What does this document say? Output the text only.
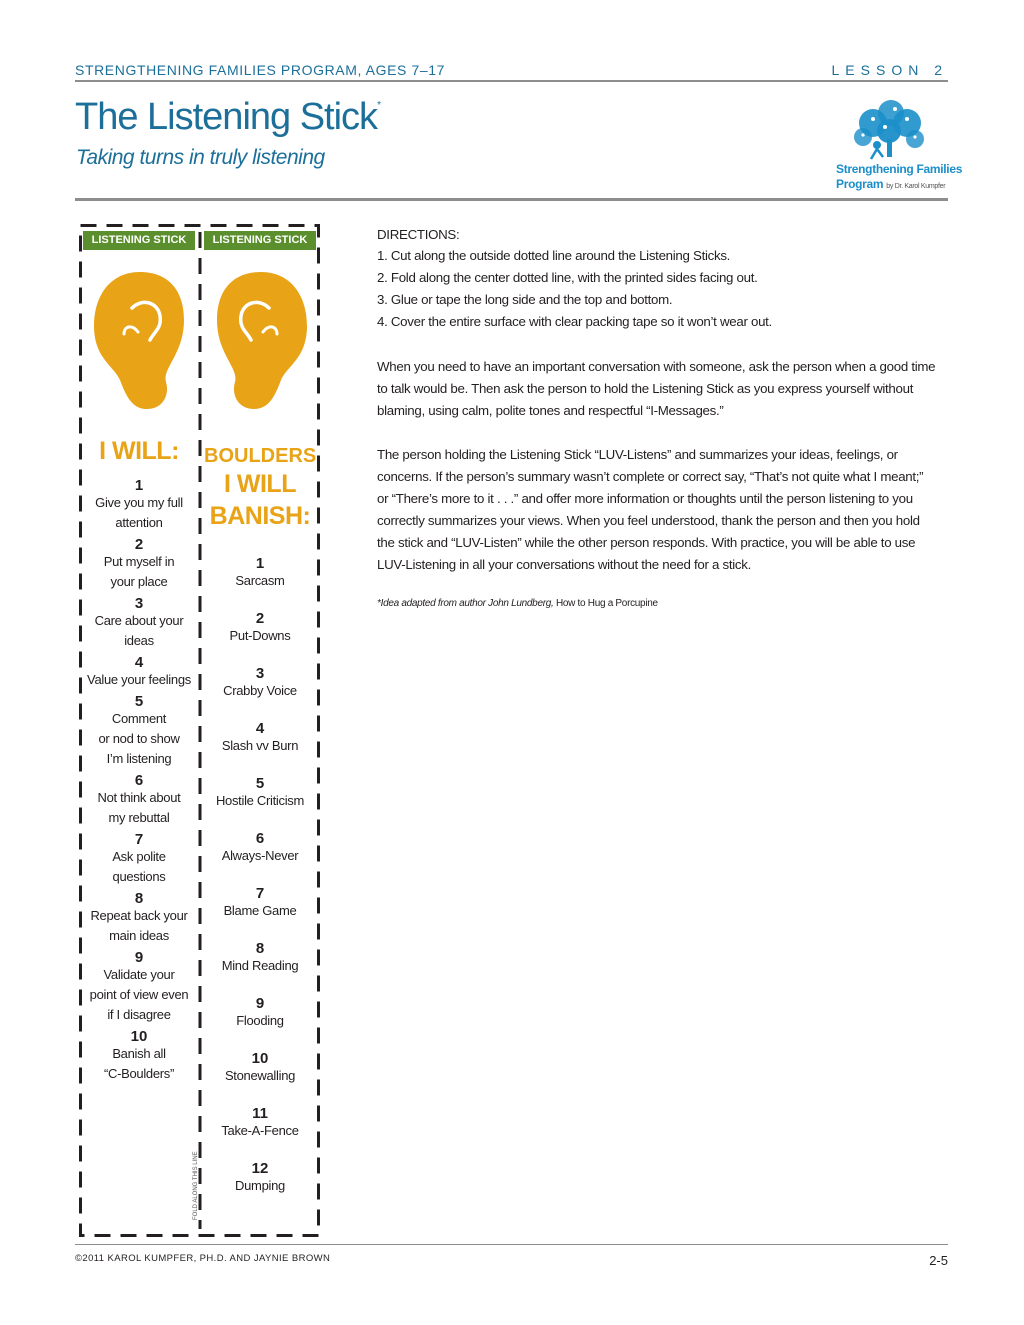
STRENGTHENING FAMILIES PROGRAM, AGES 7–17	LESSON 2
The Listening Stick*
Taking turns in truly listening	Strengthening Families
Program by Dr. Karol Kumpfer
LISTENING STICK	LISTENING STICK
I WILL:
1
Give you my full
attention
2
Put myself in
your place
3
Care about your
ideas
4
Value your feelings
5
Comment
or nod to show
I’m listening
6
Not think about
my rebuttal
7
Ask polite
questions
8
Repeat back your
main ideas
9
Validate your
point of view even
if I disagree
10
Banish all
“C-Boulders”
BOULDERS
I WILL
BANISH:
1
Sarcasm
2
Put-Downs
3
Crabby Voice
4
Slash vv Burn
5
Hostile Criticism
6
Always-Never
7
Blame Game
8
Mind Reading
9
Flooding
10
Stonewalling
11
Take-A-Fence
12
Dumping
FOLD ALONG THIS LINE
DIRECTIONS:
1. Cut along the outside dotted line around the Listening Sticks.
2. Fold along the center dotted line, with the printed sides facing out.
3. Glue or tape the long side and the top and bottom.
4. Cover the entire surface with clear packing tape so it won’t wear out.
When you need to have an important conversation with someone, ask the person when a good time to talk would be. Then ask the person to hold the Listening Stick as you express yourself without blaming, using calm, polite tones and respectful “I-Messages.”
The person holding the Listening Stick “LUV-Listens” and summarizes your ideas, feelings, or concerns. If the person’s summary wasn’t complete or correct say, “That’s not quite what I meant;” or “There’s more to it . . .” and offer more information or thoughts until the person listening to you correctly summarizes your views. When you feel understood, thank the person and then you hold the stick and “LUV-Listen” while the other person responds. With practice, you will be able to use LUV-Listening in all your conversations without the need for a stick.
*Idea adapted from author John Lundberg, How to Hug a Porcupine
©2011 KAROL KUMPFER, PH.D. AND JAYNIE BROWN	2-5
